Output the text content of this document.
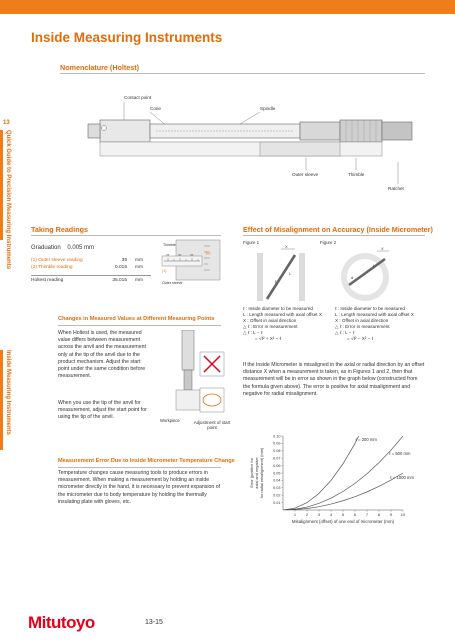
13
Quick Guide to Precision Measuring Instruments
Inside Measuring Instruments
Inside Measuring Instruments
Nomenclature (Holtest)
Contact point
Cone	Spindle
Outer sleeve	Thimble
Ratchet
Taking Readings
Graduation 0.005 mm
(1) Outer sleeve reading	35 mm
(2) Thimble reading	0.015 mm
Holtest reading	35.015 mm
Thimble
Outer sleeve
(1)
(2)
25	30	35
Changes in Measured Values at Different Measuring Points
When Holtest is used, the measured value differs between measurement across the anvil and the measurement only at the tip of the anvil due to the product mechanism. Adjust the start point under the same condition before measurement.
When you use the tip of the anvil for measurement, adjust the start point for using the tip of the anvil.
Workpiece	Adjustment of start point
Measurement Error Due to Inside Micrometer Temperature Change
Temperature changes cause measuring tools to produce errors in measurement. When making a measurement by holding an inside micrometer directly in the hand, it is necessary to prevent expansion of the micrometer due to body temperature by holding the thermally insulating plate with gloves, etc.
Effect of Misalignment on Accuracy (Inside Micrometer)
Figure 1	Figure 2
X
ℓ
L
X
d
L
ℓ : Inside diameter to be measured
L : Length measured with axial offset X
X : Offset in axial direction
△ ℓ : Error in measurement
△ ℓ : L − ℓ
= √ℓ² + X² − ℓ
ℓ : Inside diameter to be measured
L : Length measured with axial offset X
X : Offset in axial direction
△ ℓ : Error in measurement
△ ℓ : L − ℓ
= √ℓ² − X² − ℓ
If the Inside Micrometer is misaligned in the axial or radial direction by an offset distance X when a measurement is taken, as in Figures 1 and 2, then that measurement will be in error as shown in the graph below (constructed from the formula given above). The error is positive for axial misalignment and negative for radial misalignment.
0.10
0.09
0.08
0.07
0.06
0.05
0.04
0.03
0.02
0.01
1 2 3 4 5 6 7 8 9 10
ℓ = 200 mm
ℓ = 500 mm
ℓ = 1000 mm
Misalignment (offset) of one end of micrometer (mm)
Error (positive for axial and negative for radial misalignment) (mm)
Mitutoyo	13-15
